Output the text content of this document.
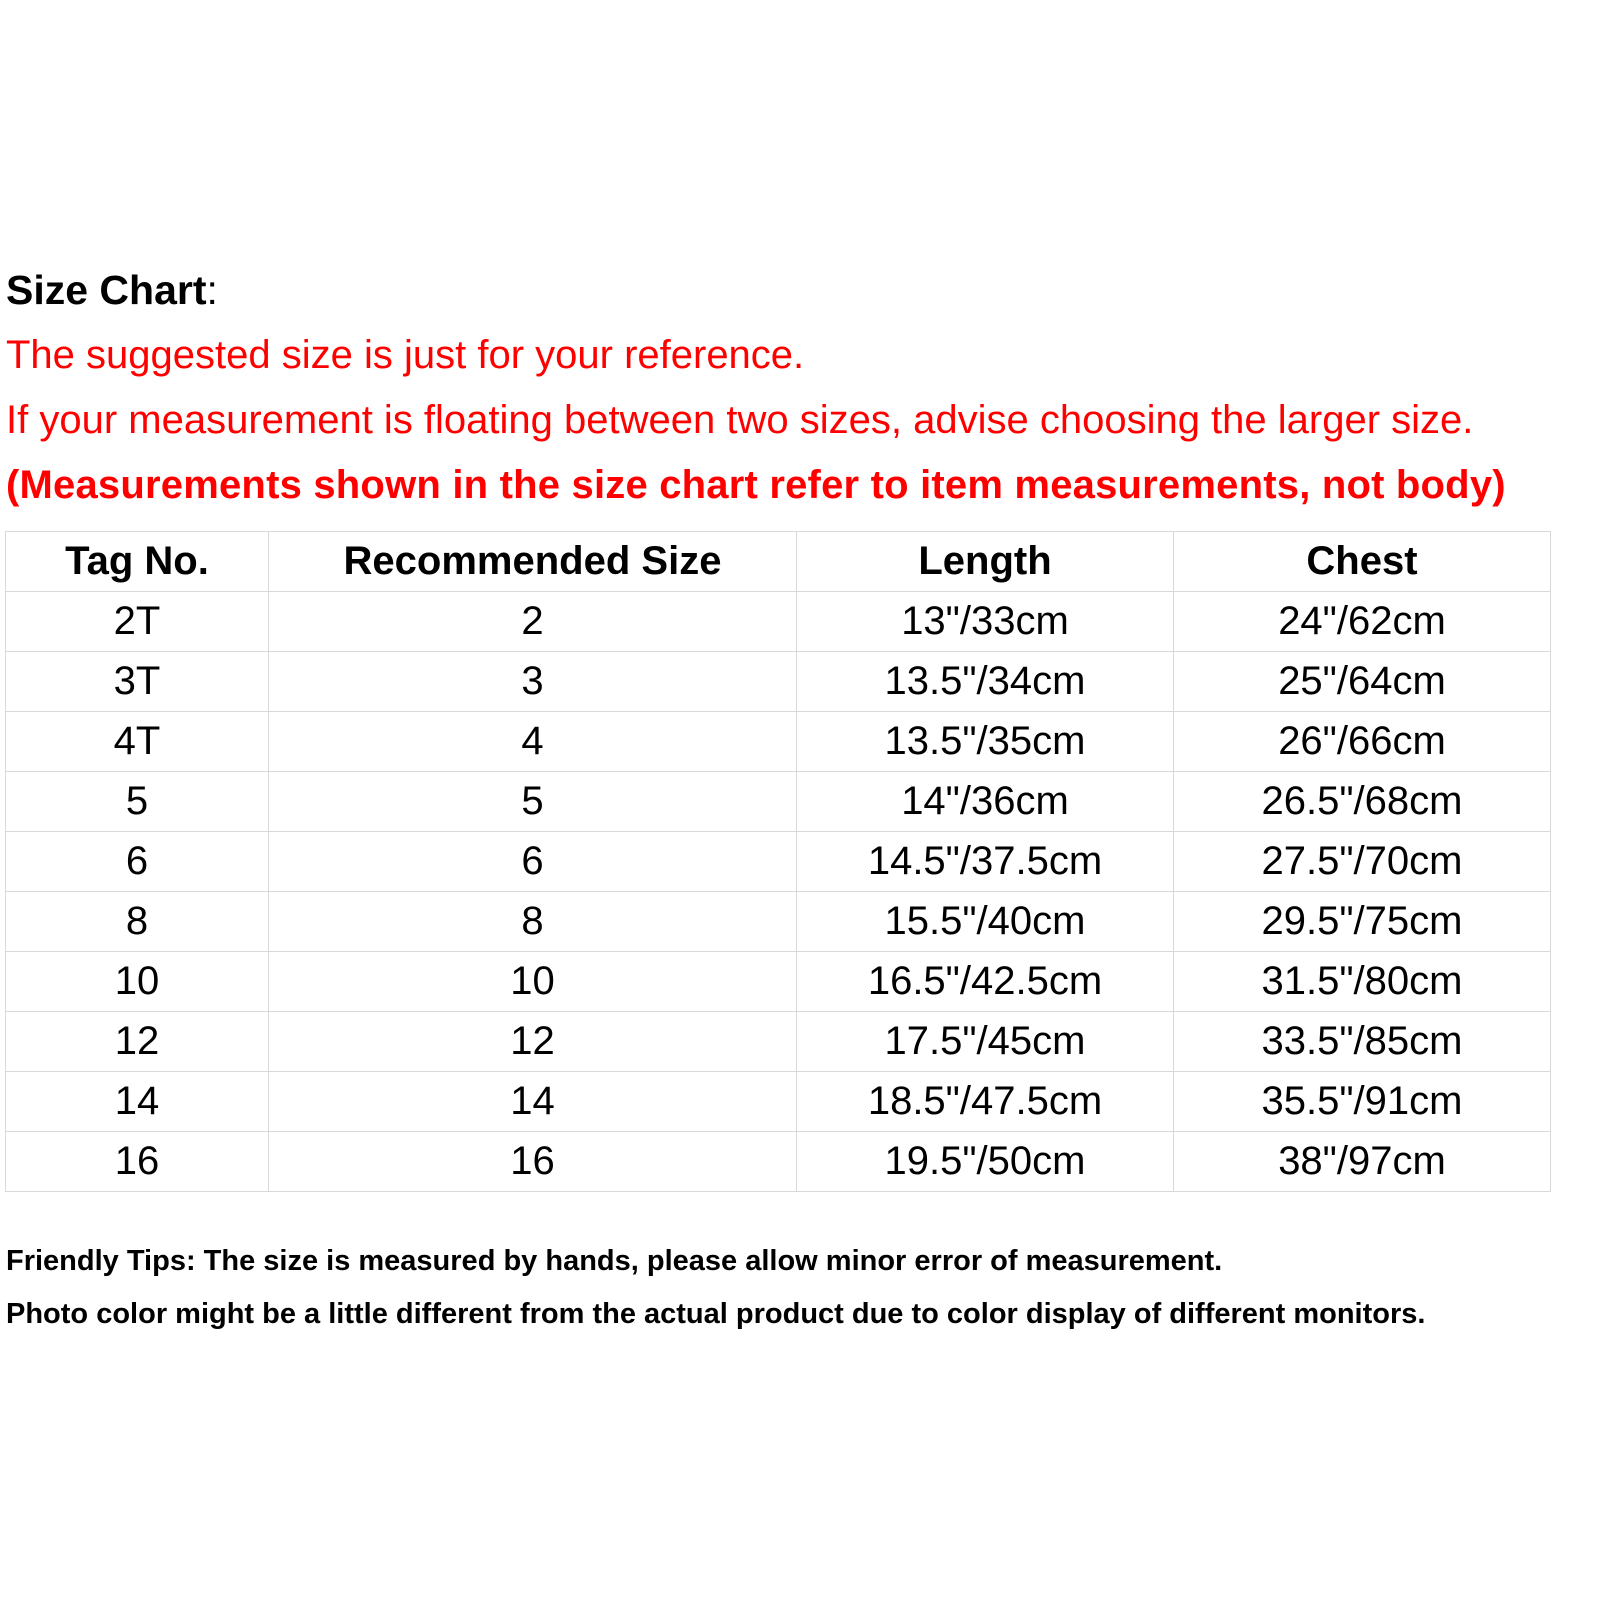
Size Chart:
The suggested size is just for your reference.
If your measurement is floating between two sizes, advise choosing the larger size.
(Measurements shown in the size chart refer to item measurements, not body)
Tag No.	Recommended Size	Length	Chest
2T	2	13"/33cm	24"/62cm
3T	3	13.5"/34cm	25"/64cm
4T	4	13.5"/35cm	26"/66cm
5	5	14"/36cm	26.5"/68cm
6	6	14.5"/37.5cm	27.5"/70cm
8	8	15.5"/40cm	29.5"/75cm
10	10	16.5"/42.5cm	31.5"/80cm
12	12	17.5"/45cm	33.5"/85cm
14	14	18.5"/47.5cm	35.5"/91cm
16	16	19.5"/50cm	38"/97cm
Friendly Tips: The size is measured by hands, please allow minor error of measurement.
Photo color might be a little different from the actual product due to color display of different monitors.
